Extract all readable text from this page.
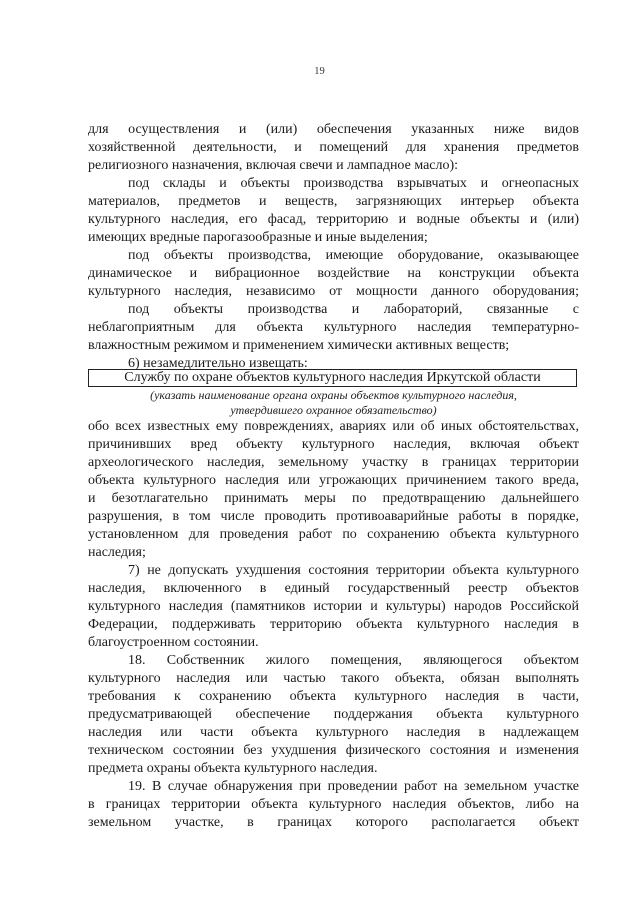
19
для осуществления и (или) обеспечения указанных ниже видов
хозяйственной деятельности, и помещений для хранения предметов
религиозного назначения, включая свечи и лампадное масло):
под склады и объекты производства взрывчатых и огнеопасных
материалов, предметов и веществ, загрязняющих интерьер объекта
культурного наследия, его фасад, территорию и водные объекты и (или)
имеющих вредные парогазообразные и иные выделения;
под объекты производства, имеющие оборудование, оказывающее
динамическое и вибрационное воздействие на конструкции объекта
культурного наследия, независимо от мощности данного оборудования;
под объекты производства и лабораторий, связанные с
неблагоприятным для объекта культурного наследия температурно-
влажностным режимом и применением химически активных веществ;
6) незамедлительно извещать:
Службу по охране объектов культурного наследия Иркутской области
(указать наименование органа охраны объектов культурного наследия,
утвердившего охранное обязательство)
обо всех известных ему повреждениях, авариях или об иных обстоятельствах,
причинивших вред объекту культурного наследия, включая объект
археологического наследия, земельному участку в границах территории
объекта культурного наследия или угрожающих причинением такого вреда,
и безотлагательно принимать меры по предотвращению дальнейшего
разрушения, в том числе проводить противоаварийные работы в порядке,
установленном для проведения работ по сохранению объекта культурного
наследия;
7) не допускать ухудшения состояния территории объекта культурного
наследия, включенного в единый государственный реестр объектов
культурного наследия (памятников истории и культуры) народов Российской
Федерации, поддерживать территорию объекта культурного наследия в
благоустроенном состоянии.
18. Собственник жилого помещения, являющегося объектом
культурного наследия или частью такого объекта, обязан выполнять
требования к сохранению объекта культурного наследия в части,
предусматривающей обеспечение поддержания объекта культурного
наследия или части объекта культурного наследия в надлежащем
техническом состоянии без ухудшения физического состояния и изменения
предмета охраны объекта культурного наследия.
19. В случае обнаружения при проведении работ на земельном участке
в границах территории объекта культурного наследия объектов, либо на
земельном участке, в границах которого располагается объект
